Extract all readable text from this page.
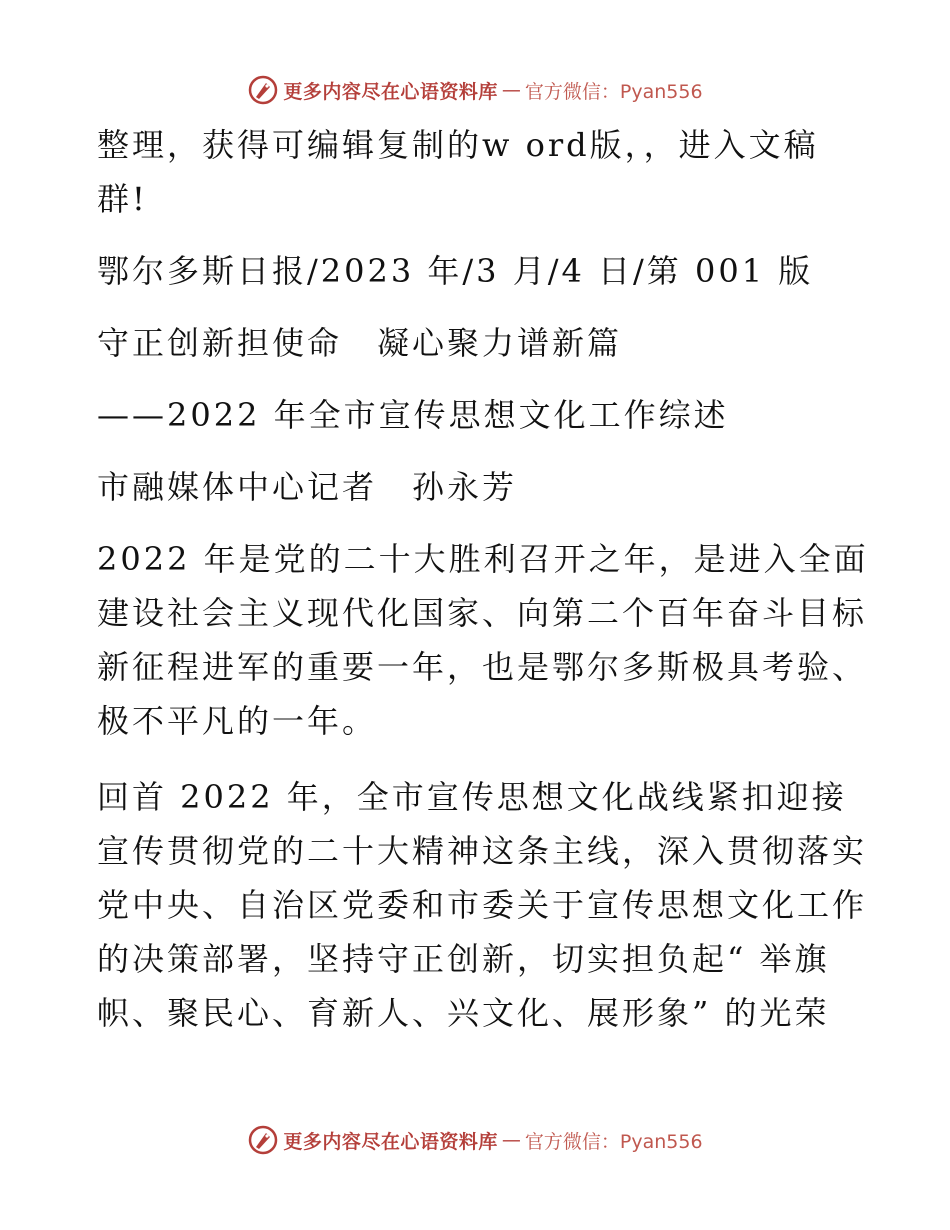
更多内容尽在心语资料库 — 官方微信：Pyan556
整理，获得可编辑复制的w ord版，，进入文稿
群!
鄂尔多斯日报/2023 年/3 月/4 日/第 001 版
守正创新担使命　凝心聚力谱新篇
——2022 年全市宣传思想文化工作综述
市融媒体中心记者　孙永芳
2022 年是党的二十大胜利召开之年，是进入全面
建设社会主义现代化国家、向第二个百年奋斗目标
新征程进军的重要一年，也是鄂尔多斯极具考验、
极不平凡的一年。
回首 2022 年，全市宣传思想文化战线紧扣迎接
宣传贯彻党的二十大精神这条主线，深入贯彻落实
党中央、自治区党委和市委关于宣传思想文化工作
的决策部署，坚持守正创新，切实担负起“ 举旗
帜、聚民心、育新人、兴文化、展形象” 的光荣
更多内容尽在心语资料库 — 官方微信：Pyan556
